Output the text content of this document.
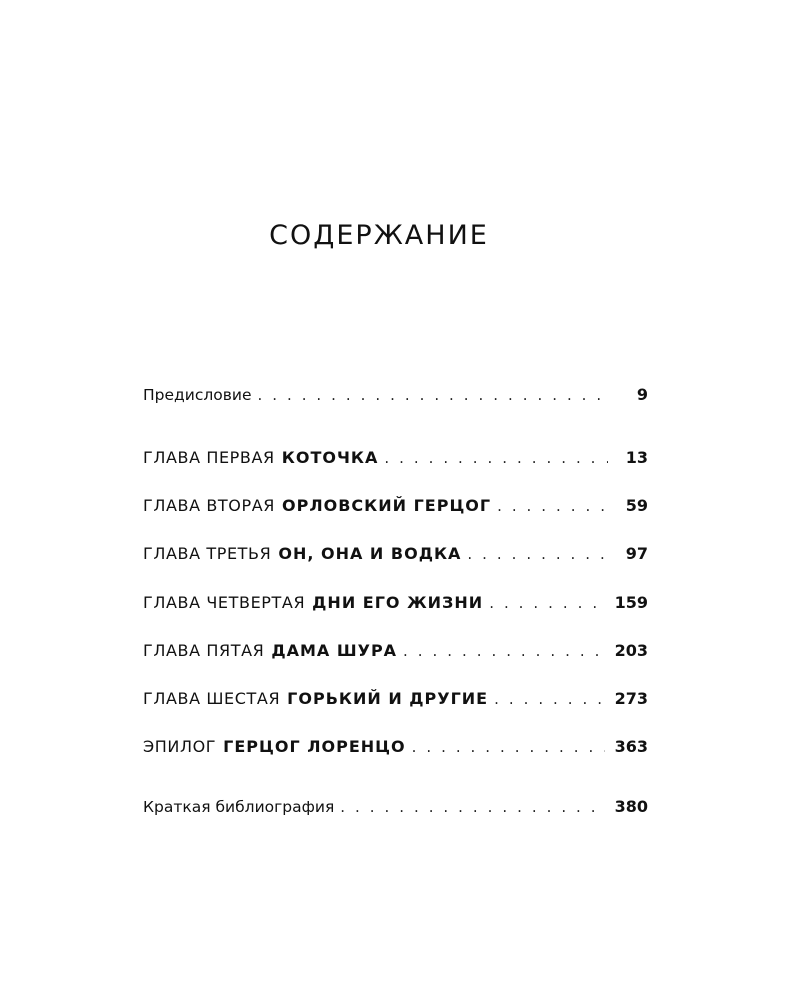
СОДЕРЖАНИЕ
Предисловие . . .	9
ГЛАВА ПЕРВАЯ КОТОЧКА . . .	13
ГЛАВА ВТОРАЯ ОРЛОВСКИЙ ГЕРЦОГ . . .	59
ГЛАВА ТРЕТЬЯ ОН, ОНА И ВОДКА . . .	97
ГЛАВА ЧЕТВЕРТАЯ ДНИ ЕГО ЖИЗНИ . . .	159
ГЛАВА ПЯТАЯ ДАМА ШУРА . . .	203
ГЛАВА ШЕСТАЯ ГОРЬКИЙ И ДРУГИЕ . . .	273
ЭПИЛОГ ГЕРЦОГ ЛОРЕНЦО . . .	363
Краткая библиография . . .	380
